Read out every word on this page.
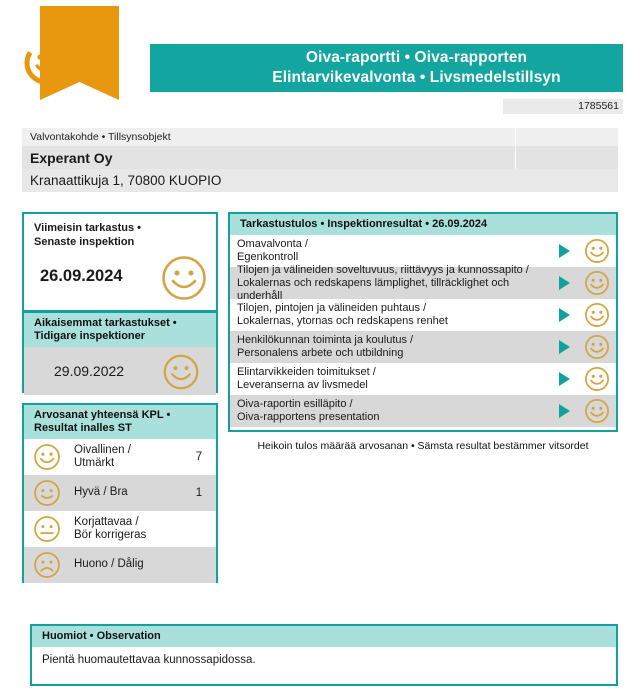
iva	Oiva-raportti • Oiva-rapporten
Elintarvikevalvonta • Livsmedelstillsyn
1785561
Valvontakohde • Tillsynsobjekt	
Experant Oy	
Kranaattikuja 1, 70800 KUOPIO	
Viimeisin tarkastus •
Senaste inspektion
26.09.2024
Aikaisemmat tarkastukset •
Tidigare inspektioner
29.09.2022
Arvosanat yhteensä KPL •
Resultat inalles ST
Oivallinen /
Utmärkt	7
Hyvä / Bra	1
Korjattavaa /
Bör korrigeras
Huono / Dålig
Tarkastustulos • Inspektionresultat • 26.09.2024
Omavalvonta /
Egenkontroll
Tilojen ja välineiden soveltuvuus, riittävyys ja kunnossapito /
Lokalernas och redskapens lämplighet, tillräcklighet och underhåll
Tilojen, pintojen ja välineiden puhtaus /
Lokalernas, ytornas och redskapens renhet
Henkilökunnan toiminta ja koulutus /
Personalens arbete och utbildning
Elintarvikkeiden toimitukset /
Leveranserna av livsmedel
Oiva-raportin esilläpito /
Oiva-rapportens presentation
Heikoin tulos määrää arvosanan • Sämsta resultat bestämmer vitsordet
Huomiot • Observation
Pientä huomautettavaa kunnossapidossa.
